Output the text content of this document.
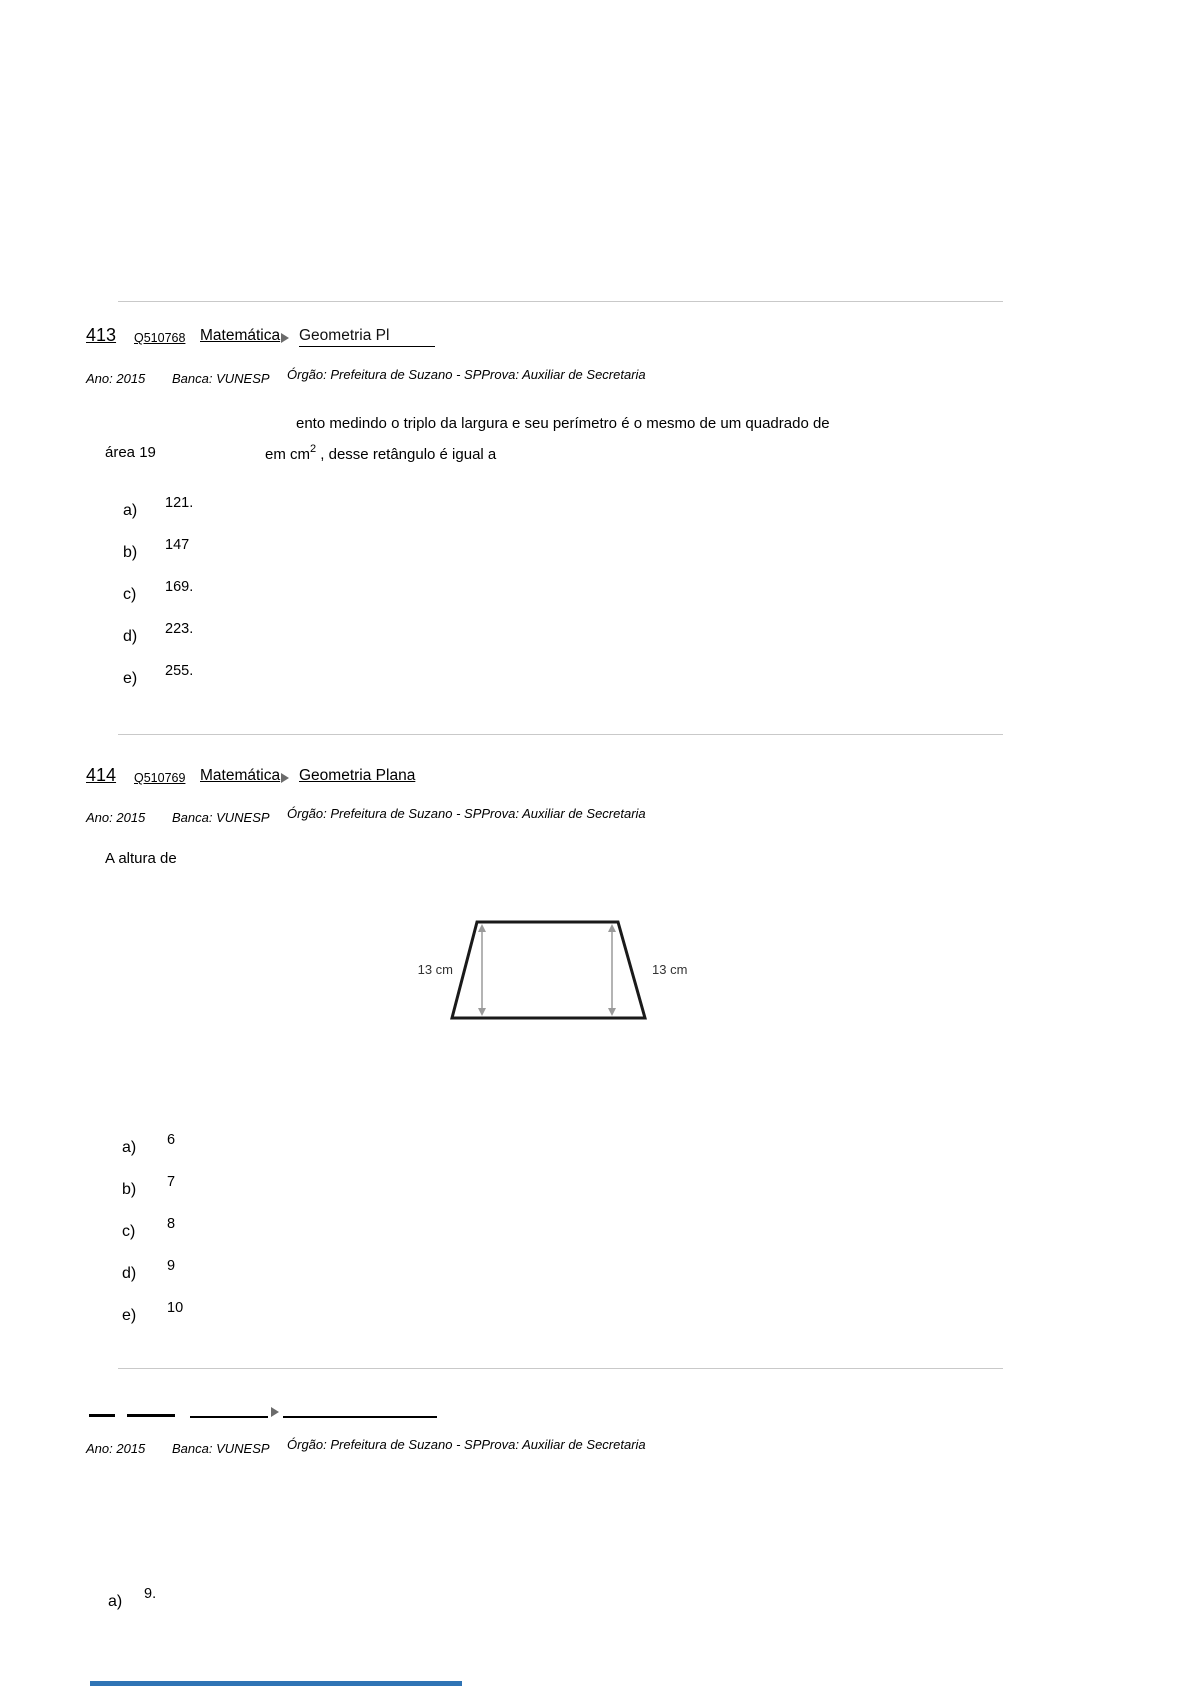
413 Q510768 Matemática Geometria Pl
Ano: 2015 Banca: VUNESP Órgão: Prefeitura de Suzano - SPProva: Auxiliar de Secretaria
ento medindo o triplo da largura e seu perímetro é o mesmo de um quadrado de
área 19	em $cm^2$ , desse retângulo é igual a
a) 121.
b) 147
c) 169.
d) 223.
e) 255.
414 Q510769 Matemática Geometria Plana
Ano: 2015 Banca: VUNESP Órgão: Prefeitura de Suzano - SPProva: Auxiliar de Secretaria
A altura de
13 cm	13 cm
a) 6
b) 7
c) 8
d) 9
e) 10
Ano: 2015 Banca: VUNESP Órgão: Prefeitura de Suzano - SPProva: Auxiliar de Secretaria
a) 9.
